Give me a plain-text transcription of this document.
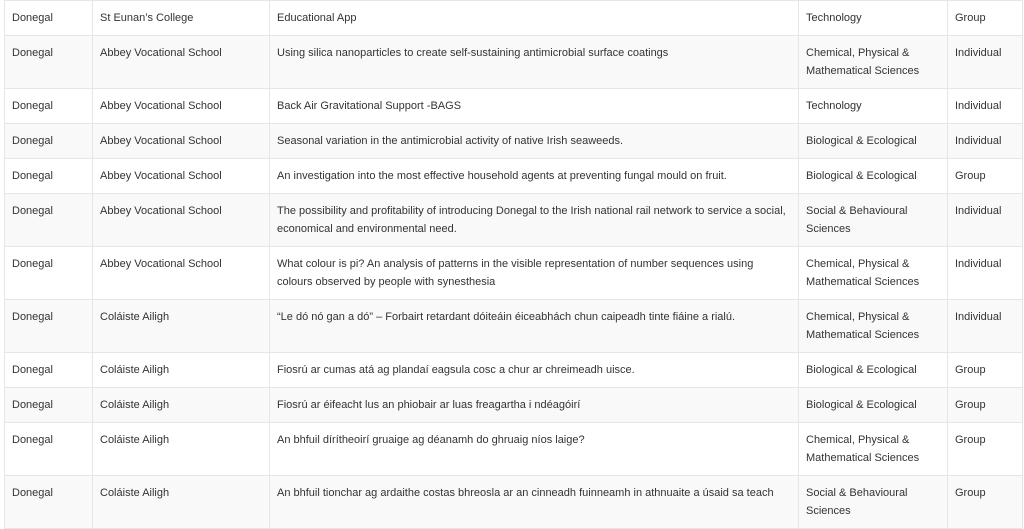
Donegal	St Eunan’s College	Educational App	Technology	Group
Donegal	Abbey Vocational School	Using silica nanoparticles to create self-sustaining antimicrobial surface coatings	Chemical, Physical & Mathematical Sciences	Individual
Donegal	Abbey Vocational School	Back Air Gravitational Support -BAGS	Technology	Individual
Donegal	Abbey Vocational School	Seasonal variation in the antimicrobial activity of native Irish seaweeds.	Biological & Ecological	Individual
Donegal	Abbey Vocational School	An investigation into the most effective household agents at preventing fungal mould on fruit.	Biological & Ecological	Group
Donegal	Abbey Vocational School	The possibility and profitability of introducing Donegal to the Irish national rail network to service a social, economical and environmental need.	Social & Behavioural Sciences	Individual
Donegal	Abbey Vocational School	What colour is pi? An analysis of patterns in the visible representation of number sequences using colours observed by people with synesthesia	Chemical, Physical & Mathematical Sciences	Individual
Donegal	Coláiste Ailigh	“Le dó nó gan a dó” – Forbairt retardant dóiteáin éiceabhách chun caipeadh tinte fiáine a rialú.	Chemical, Physical & Mathematical Sciences	Individual
Donegal	Coláiste Ailigh	Fiosrú ar cumas atá ag plandaí eagsula cosc a chur ar chreimeadh uisce.	Biological & Ecological	Group
Donegal	Coláiste Ailigh	Fiosrú ar éifeacht lus an phiobair ar luas freagartha i ndéagóirí	Biological & Ecological	Group
Donegal	Coláiste Ailigh	An bhfuil dírítheoirí gruaige ag déanamh do ghruaig níos laige?	Chemical, Physical & Mathematical Sciences	Group
Donegal	Coláiste Ailigh	An bhfuil tionchar ag ardaithe costas bhreosla ar an cinneadh fuinneamh in athnuaite a úsaid sa teach	Social & Behavioural Sciences	Group
